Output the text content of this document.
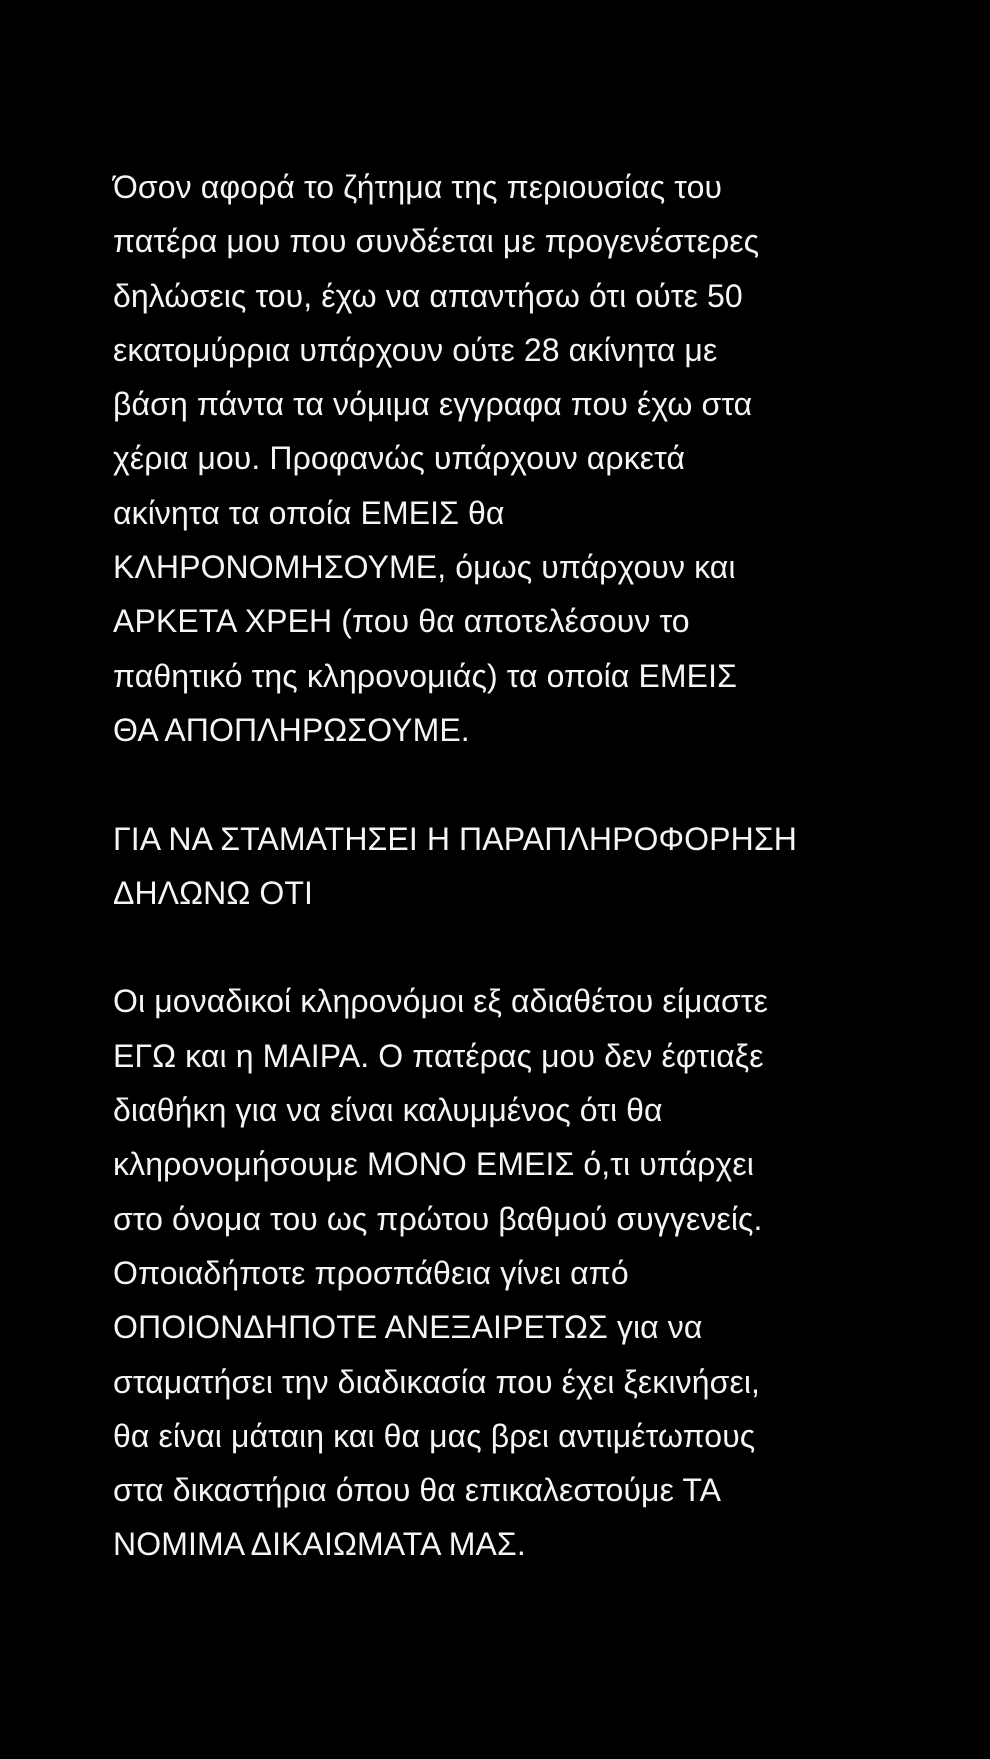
Όσον αφορά το ζήτημα της περιουσίας του
πατέρα μου που συνδέεται με προγενέστερες
δηλώσεις του, έχω να απαντήσω ότι ούτε 50
εκατομύρρια υπάρχουν ούτε 28 ακίνητα με
βάση πάντα τα νόμιμα εγγραφα που έχω στα
χέρια μου. Προφανώς υπάρχουν αρκετά
ακίνητα τα οποία ΕΜΕΙΣ θα
ΚΛΗΡΟΝΟΜΗΣΟΥΜΕ, όμως υπάρχουν και
ΑΡΚΕΤΑ ΧΡΕΗ (που θα αποτελέσουν το
παθητικό της κληρονομιάς) τα οποία ΕΜΕΙΣ
ΘΑ ΑΠΟΠΛΗΡΩΣΟΥΜΕ.

ΓΙΑ ΝΑ ΣΤΑΜΑΤΗΣΕΙ Η ΠΑΡΑΠΛΗΡΟΦΟΡΗΣΗ
ΔΗΛΩΝΩ ΟΤΙ

Οι μοναδικοί κληρονόμοι εξ αδιαθέτου είμαστε
ΕΓΩ και η ΜΑΙΡΑ. Ο πατέρας μου δεν έφτιαξε
διαθήκη για να είναι καλυμμένος ότι θα
κληρονομήσουμε ΜΟΝΟ ΕΜΕΙΣ ό,τι υπάρχει
στο όνομα του ως πρώτου βαθμού συγγενείς.
Οποιαδήποτε προσπάθεια γίνει από
ΟΠΟΙΟΝΔΗΠΟΤΕ ΑΝΕΞΑΙΡΕΤΩΣ για να
σταματήσει την διαδικασία που έχει ξεκινήσει,
θα είναι μάταιη και θα μας βρει αντιμέτωπους
στα δικαστήρια όπου θα επικαλεστούμε ΤΑ
ΝΟΜΙΜΑ ΔΙΚΑΙΩΜΑΤΑ ΜΑΣ.
